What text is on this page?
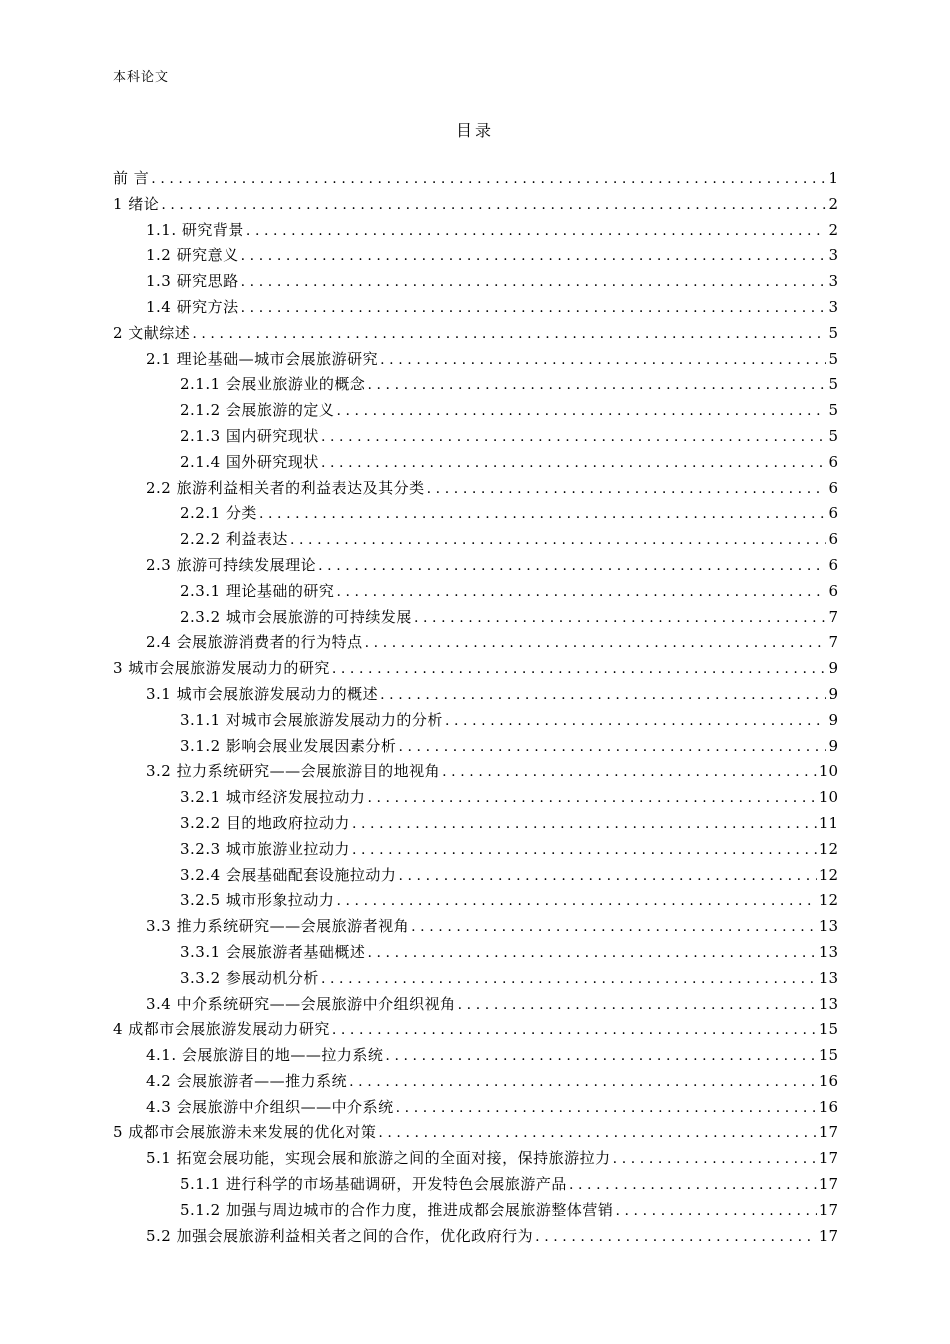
本科论文
目录
前 言 .....	1
1 绪论 .....	2
1.1. 研究背景 .....	2
1.2 研究意义 .....	3
1.3 研究思路 .....	3
1.4 研究方法 .....	3
2 文献综述 .....	5
2.1 理论基础—城市会展旅游研究 .....	5
2.1.1 会展业旅游业的概念 .....	5
2.1.2 会展旅游的定义 .....	5
2.1.3 国内研究现状 .....	5
2.1.4 国外研究现状 .....	6
2.2 旅游利益相关者的利益表达及其分类 .....	6
2.2.1 分类 .....	6
2.2.2 利益表达 .....	6
2.3 旅游可持续发展理论 .....	6
2.3.1 理论基础的研究 .....	6
2.3.2 城市会展旅游的可持续发展 .....	7
2.4 会展旅游消费者的行为特点 .....	7
3 城市会展旅游发展动力的研究 .....	9
3.1 城市会展旅游发展动力的概述 .....	9
3.1.1 对城市会展旅游发展动力的分析 .....	9
3.1.2 影响会展业发展因素分析 .....	9
3.2 拉力系统研究——会展旅游目的地视角 .....	10
3.2.1 城市经济发展拉动力 .....	10
3.2.2 目的地政府拉动力 .....	11
3.2.3 城市旅游业拉动力 .....	12
3.2.4 会展基础配套设施拉动力 .....	12
3.2.5 城市形象拉动力 .....	12
3.3 推力系统研究——会展旅游者视角 .....	13
3.3.1 会展旅游者基础概述 .....	13
3.3.2 参展动机分析 .....	13
3.4 中介系统研究——会展旅游中介组织视角 .....	13
4 成都市会展旅游发展动力研究 .....	15
4.1. 会展旅游目的地——拉力系统 .....	15
4.2 会展旅游者——推力系统 .....	16
4.3 会展旅游中介组织——中介系统 .....	16
5 成都市会展旅游未来发展的优化对策 .....	17
5.1 拓宽会展功能，实现会展和旅游之间的全面对接，保持旅游拉力 .....	17
5.1.1 进行科学的市场基础调研，开发特色会展旅游产品 .....	17
5.1.2 加强与周边城市的合作力度，推进成都会展旅游整体营销 .....	17
5.2 加强会展旅游利益相关者之间的合作，优化政府行为 .....	17
